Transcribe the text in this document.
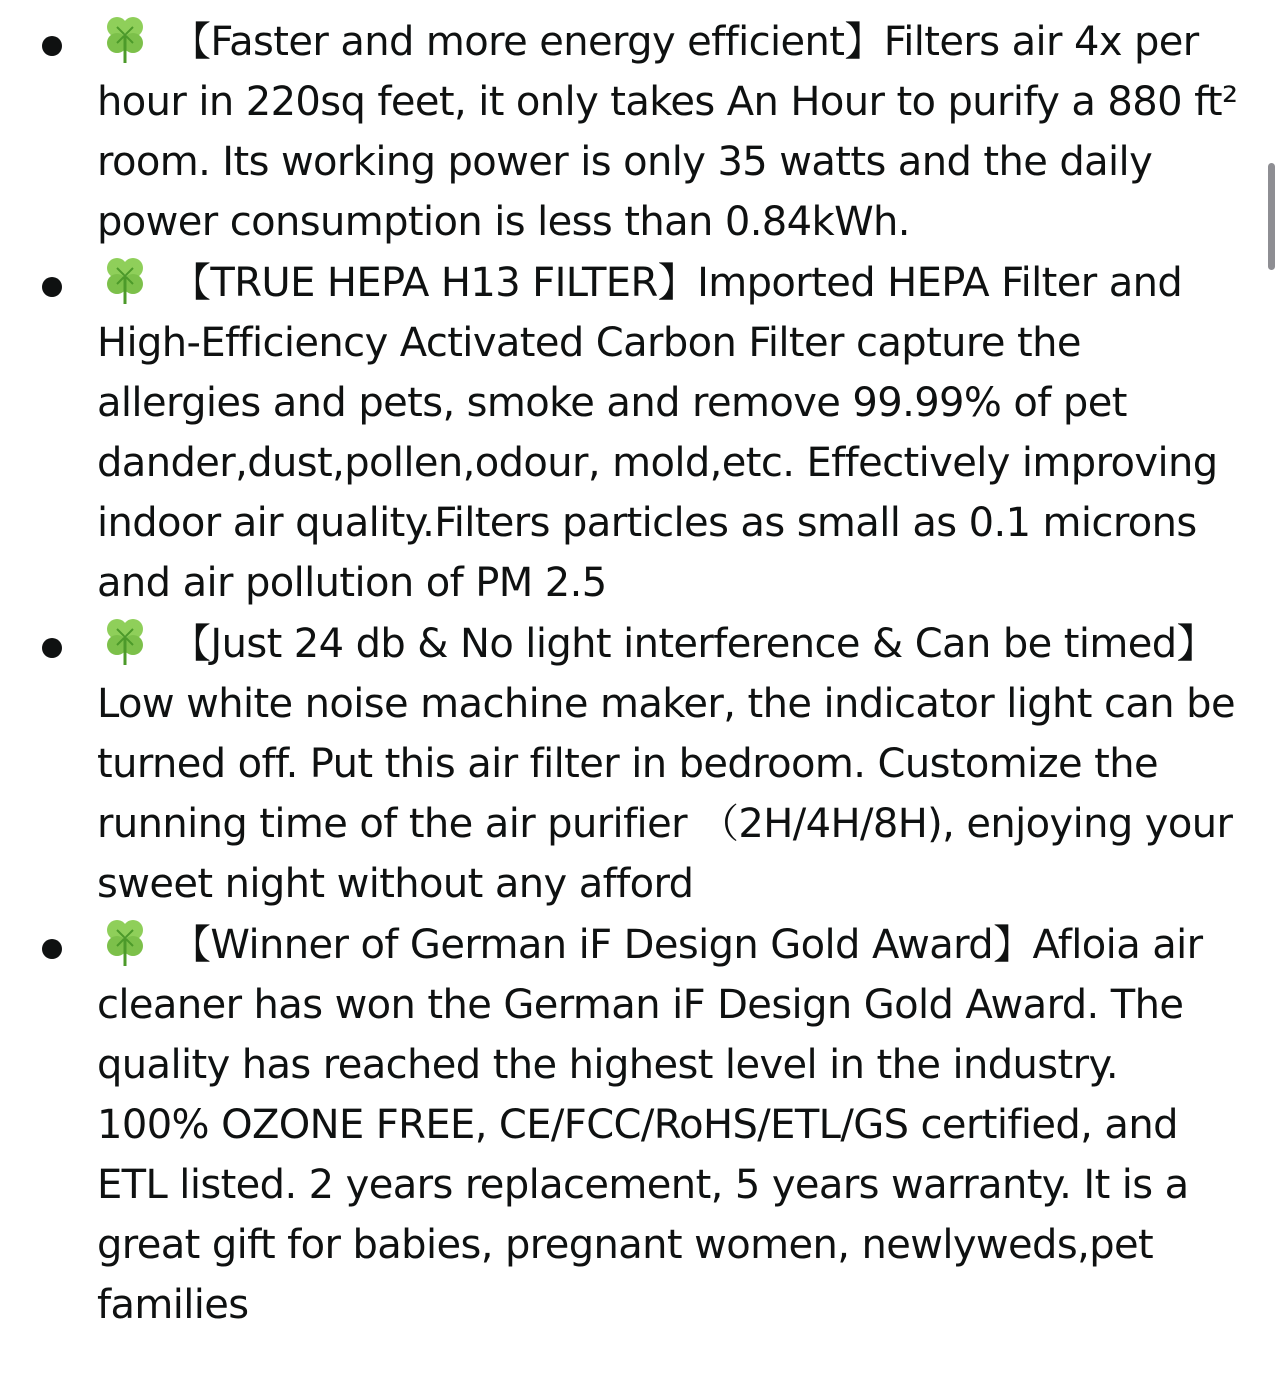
【Faster and more energy efficient】Filters air 4x per hour in 220sq feet, it only takes An Hour to purify a 880 ft² room. Its working power is only 35 watts and the daily power consumption is less than 0.84kWh.
【TRUE HEPA H13 FILTER】Imported HEPA Filter and High-Efficiency Activated Carbon Filter capture the allergies and pets, smoke and remove 99.99% of pet dander,dust,pollen,odour, mold,etc. Effectively improving indoor air quality.Filters particles as small as 0.1 microns and air pollution of PM 2.5
【Just 24 db & No light interference & Can be timed】Low white noise machine maker, the indicator light can be turned off. Put this air filter in bedroom. Customize the running time of the air purifier （2H/4H/8H), enjoying your sweet night without any afford
【Winner of German iF Design Gold Award】Afloia air cleaner has won the German iF Design Gold Award. The quality has reached the highest level in the industry. 100% OZONE FREE, CE/FCC/RoHS/ETL/GS certified, and ETL listed. 2 years replacement, 5 years warranty. It is a great gift for babies, pregnant women, newlyweds,pet families
